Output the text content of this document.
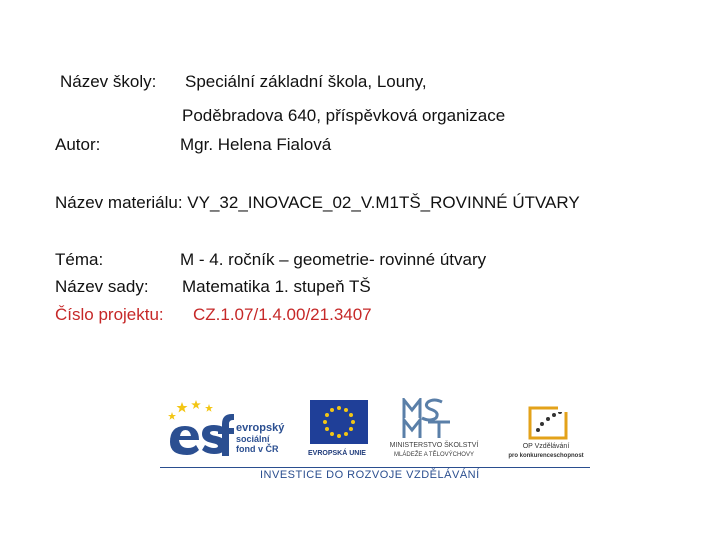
Název školy: Speciální základní škola, Louny,
Poděbradova 640, příspěvková organizace
Autor:	Mgr. Helena Fialová
Název materiálu: VY_32_INOVACE_02_V.M1TŠ_ROVINNÉ ÚTVARY
Téma:	M - 4. ročník – geometrie- rovinné útvary
Název sady: Matematika 1. stupeň TŠ
Číslo projektu: CZ.1.07/1.4.00/21.3407
evropský
sociální
fond v ČR	EVROPSKÁ UNIE
MINISTERSTVO ŠKOLSTVÍ
MLÁDEŽE A TĚLOVÝCHOVY
OP Vzdělávání
pro konkurenceschopnost
INVESTICE DO ROZVOJE VZDĚLÁVÁNÍ
